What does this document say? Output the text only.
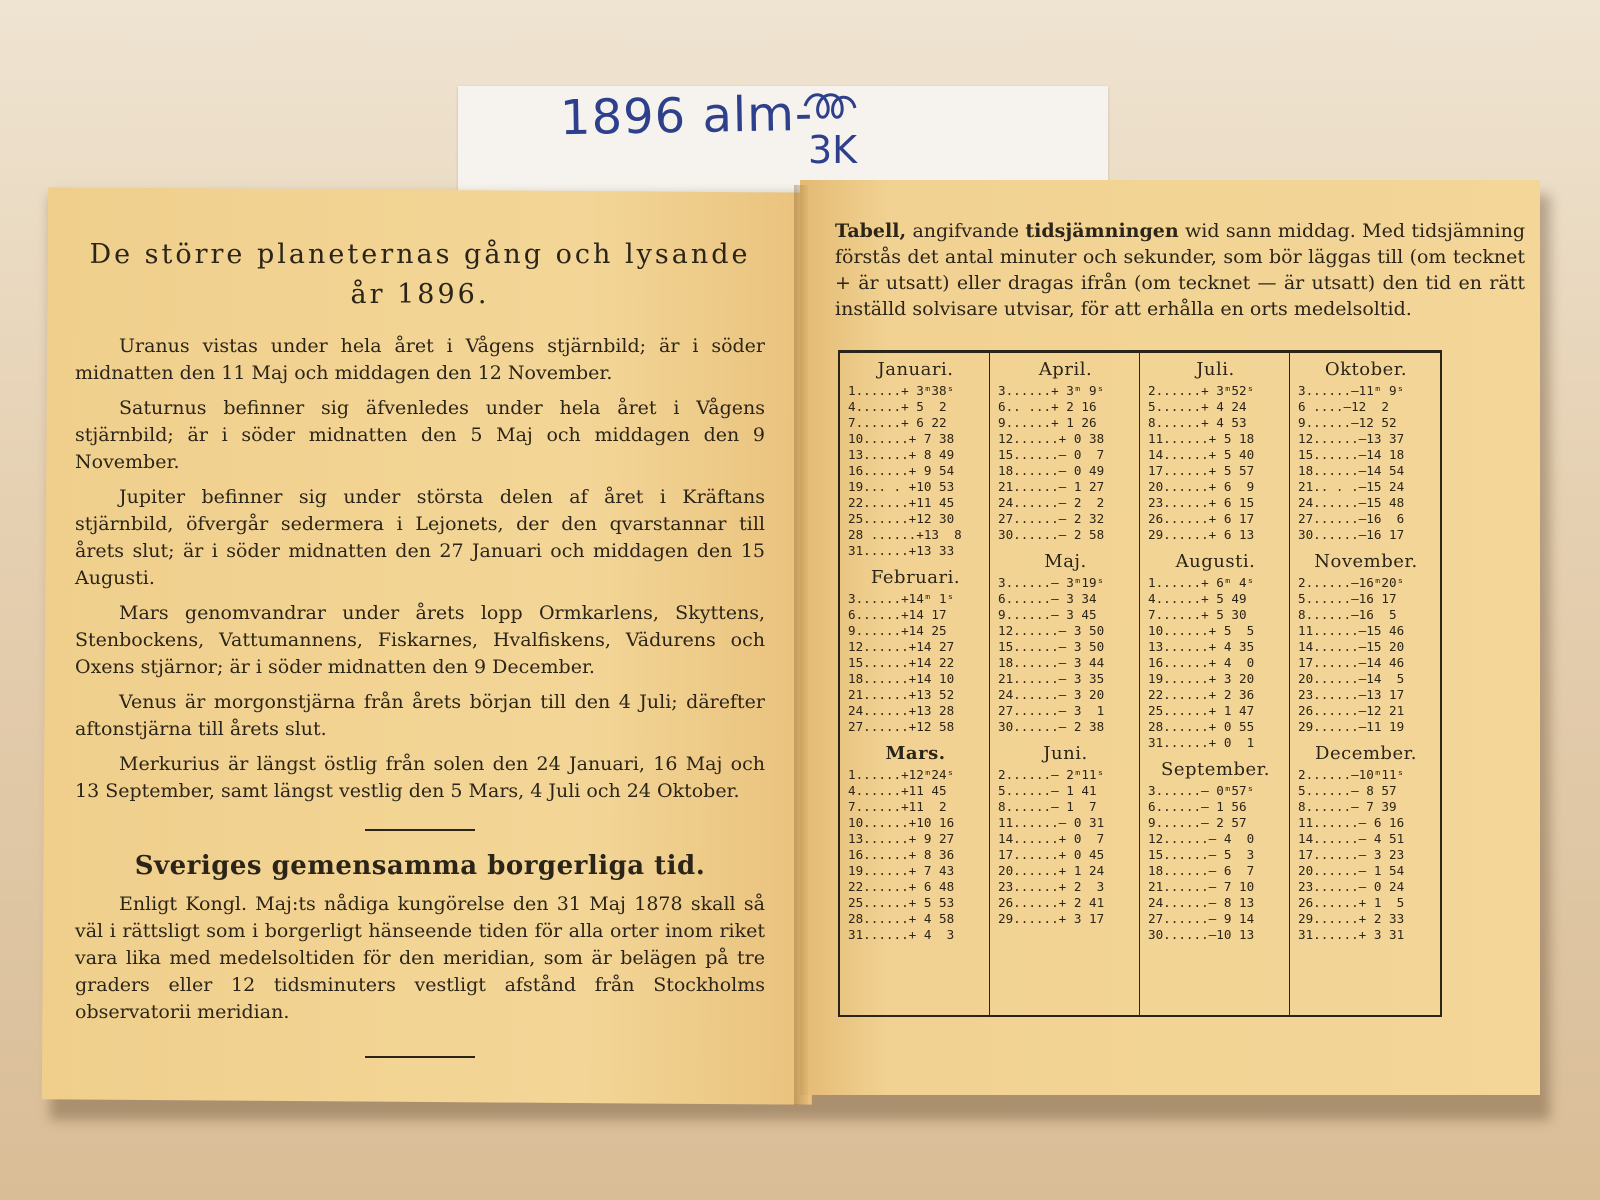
1896 alm-
3K
De större planeternas gång och lysande år 1896.

Uranus vistas under hela året i Vågens stjärnbild; är i söder midnatten den 11 Maj och middagen den 12 November.

Saturnus befinner sig äfvenledes under hela året i Vågens stjärnbild; är i söder midnatten den 5 Maj och middagen den 9 November.

Jupiter befinner sig under största delen af året i Kräftans stjärnbild, öfvergår sedermera i Lejonets, der den qvarstannar till årets slut; är i söder midnatten den 27 Januari och middagen den 15 Augusti.

Mars genomvandrar under årets lopp Ormkarlens, Skyttens, Stenbockens, Vattumannens, Fiskarnes, Hvalfiskens, Vädurens och Oxens stjärnor; är i söder midnatten den 9 December.

Venus är morgonstjärna från årets början till den 4 Juli; därefter aftonstjärna till årets slut.

Merkurius är längst östlig från solen den 24 Januari, 16 Maj och 13 September, samt längst vestlig den 5 Mars, 4 Juli och 24 Oktober.

Sveriges gemensamma borgerliga tid.

Enligt Kongl. Maj:ts nådiga kungörelse den 31 Maj 1878 skall så väl i rättsligt som i borgerligt hänseende tiden för alla orter inom riket vara lika med medelsoltiden för den meridian, som är belägen på tre graders eller 12 tidsminuters vestligt afstånd från Stockholms observatorii meridian.

Tabell, angifvande tidsjämningen wid sann middag. Med tidsjämning förstås det antal minuter och sekunder, som bör läggas till (om tecknet + är utsatt) eller dragas ifrån (om tecknet — är utsatt) den tid en rätt inställd solvisare utvisar, för att erhålla en orts medelsoltid.
Januari.
1......+ 3ᵐ38ˢ
4......+ 5  2
7......+ 6 22
10......+ 7 38
13......+ 8 49
16......+ 9 54
19... . +10 53
22......+11 45
25......+12 30
28 ......+13  8
31......+13 33
Februari.
3......+14ᵐ 1ˢ
6......+14 17
9......+14 25
12......+14 27
15......+14 22
18......+14 10
21......+13 52
24......+13 28
27......+12 58
Mars.
1......+12ᵐ24ˢ
4......+11 45
7......+11  2
10......+10 16
13......+ 9 27
16......+ 8 36
19......+ 7 43
22......+ 6 48
25......+ 5 53
28......+ 4 58
31......+ 4  3
April.
3......+ 3ᵐ 9ˢ
6.. ...+ 2 16
9......+ 1 26
12......+ 0 38
15......— 0  7
18......— 0 49
21......— 1 27
24......— 2  2
27......— 2 32
30......— 2 58
Maj.
3......— 3ᵐ19ˢ
6......— 3 34
9......— 3 45
12......— 3 50
15......— 3 50
18......— 3 44
21......— 3 35
24......— 3 20
27......— 3  1
30......— 2 38
Juni.
2......— 2ᵐ11ˢ
5......— 1 41
8......— 1  7
11......— 0 31
14......+ 0  7
17......+ 0 45
20......+ 1 24
23......+ 2  3
26......+ 2 41
29......+ 3 17
Juli.
2......+ 3ᵐ52ˢ
5......+ 4 24
8......+ 4 53
11......+ 5 18
14......+ 5 40
17......+ 5 57
20......+ 6  9
23......+ 6 15
26......+ 6 17
29......+ 6 13
Augusti.
1......+ 6ᵐ 4ˢ
4......+ 5 49
7......+ 5 30
10......+ 5  5
13......+ 4 35
16......+ 4  0
19......+ 3 20
22......+ 2 36
25......+ 1 47
28......+ 0 55
31......+ 0  1
September.
3......— 0ᵐ57ˢ
6......— 1 56
9......— 2 57
12......— 4  0
15......— 5  3
18......— 6  7
21......— 7 10
24......— 8 13
27......— 9 14
30......—10 13
Oktober.
3......—11ᵐ 9ˢ
6 ....—12  2
9......—12 52
12......—13 37
15......—14 18
18......—14 54
21.. . .—15 24
24......—15 48
27......—16  6
30......—16 17
November.
2......—16ᵐ20ˢ
5......—16 17
8......—16  5
11......—15 46
14......—15 20
17......—14 46
20......—14  5
23......—13 17
26......—12 21
29......—11 19
December.
2......—10ᵐ11ˢ
5......— 8 57
8......— 7 39
11......— 6 16
14......— 4 51
17......— 3 23
20......— 1 54
23......— 0 24
26......+ 1  5
29......+ 2 33
31......+ 3 31
